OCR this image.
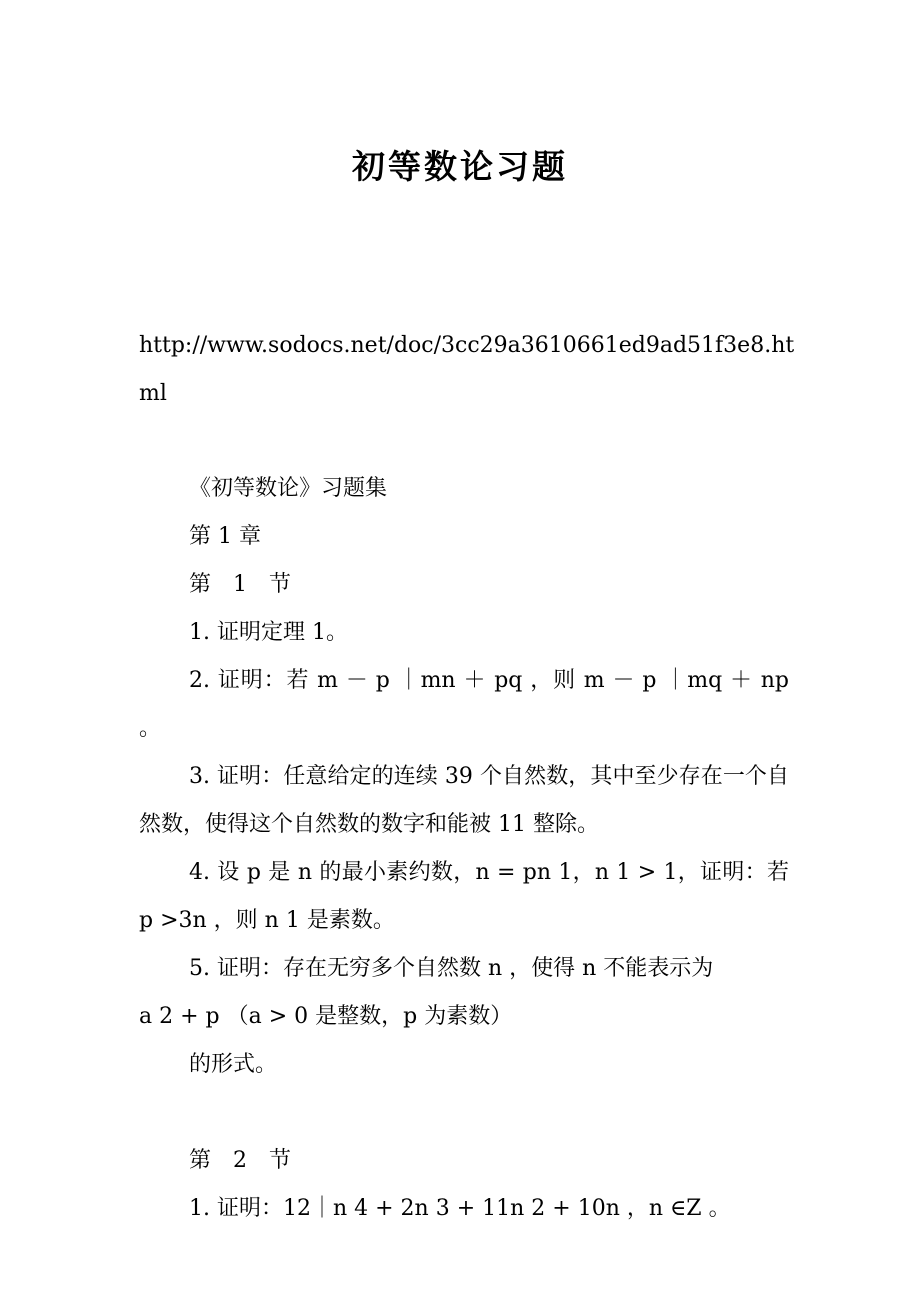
初等数论习题
http://www.sodocs.net/doc/3cc29a3610661ed9ad51f3e8.html

《初等数论》习题集

第 1 章

第　1　节

1. 证明定理 1。

2. 证明：若 m － p ｜mn ＋ pq ，则 m － p ｜mq ＋ np 。

3. 证明：任意给定的连续 39 个自然数，其中至少存在一个自然数，使得这个自然数的数字和能被 11 整除。

4. 设 p 是 n 的最小素约数，n = pn 1，n 1 > 1，证明：若 p >3n ，则 n 1 是素数。

5. 证明：存在无穷多个自然数 n ，使得 n 不能表示为

a 2 + p （a > 0 是整数，p 为素数）

的形式。

第　2　节

1. 证明：12｜n 4 + 2n 3 + 11n 2 + 10n ，n ∈Z 。
